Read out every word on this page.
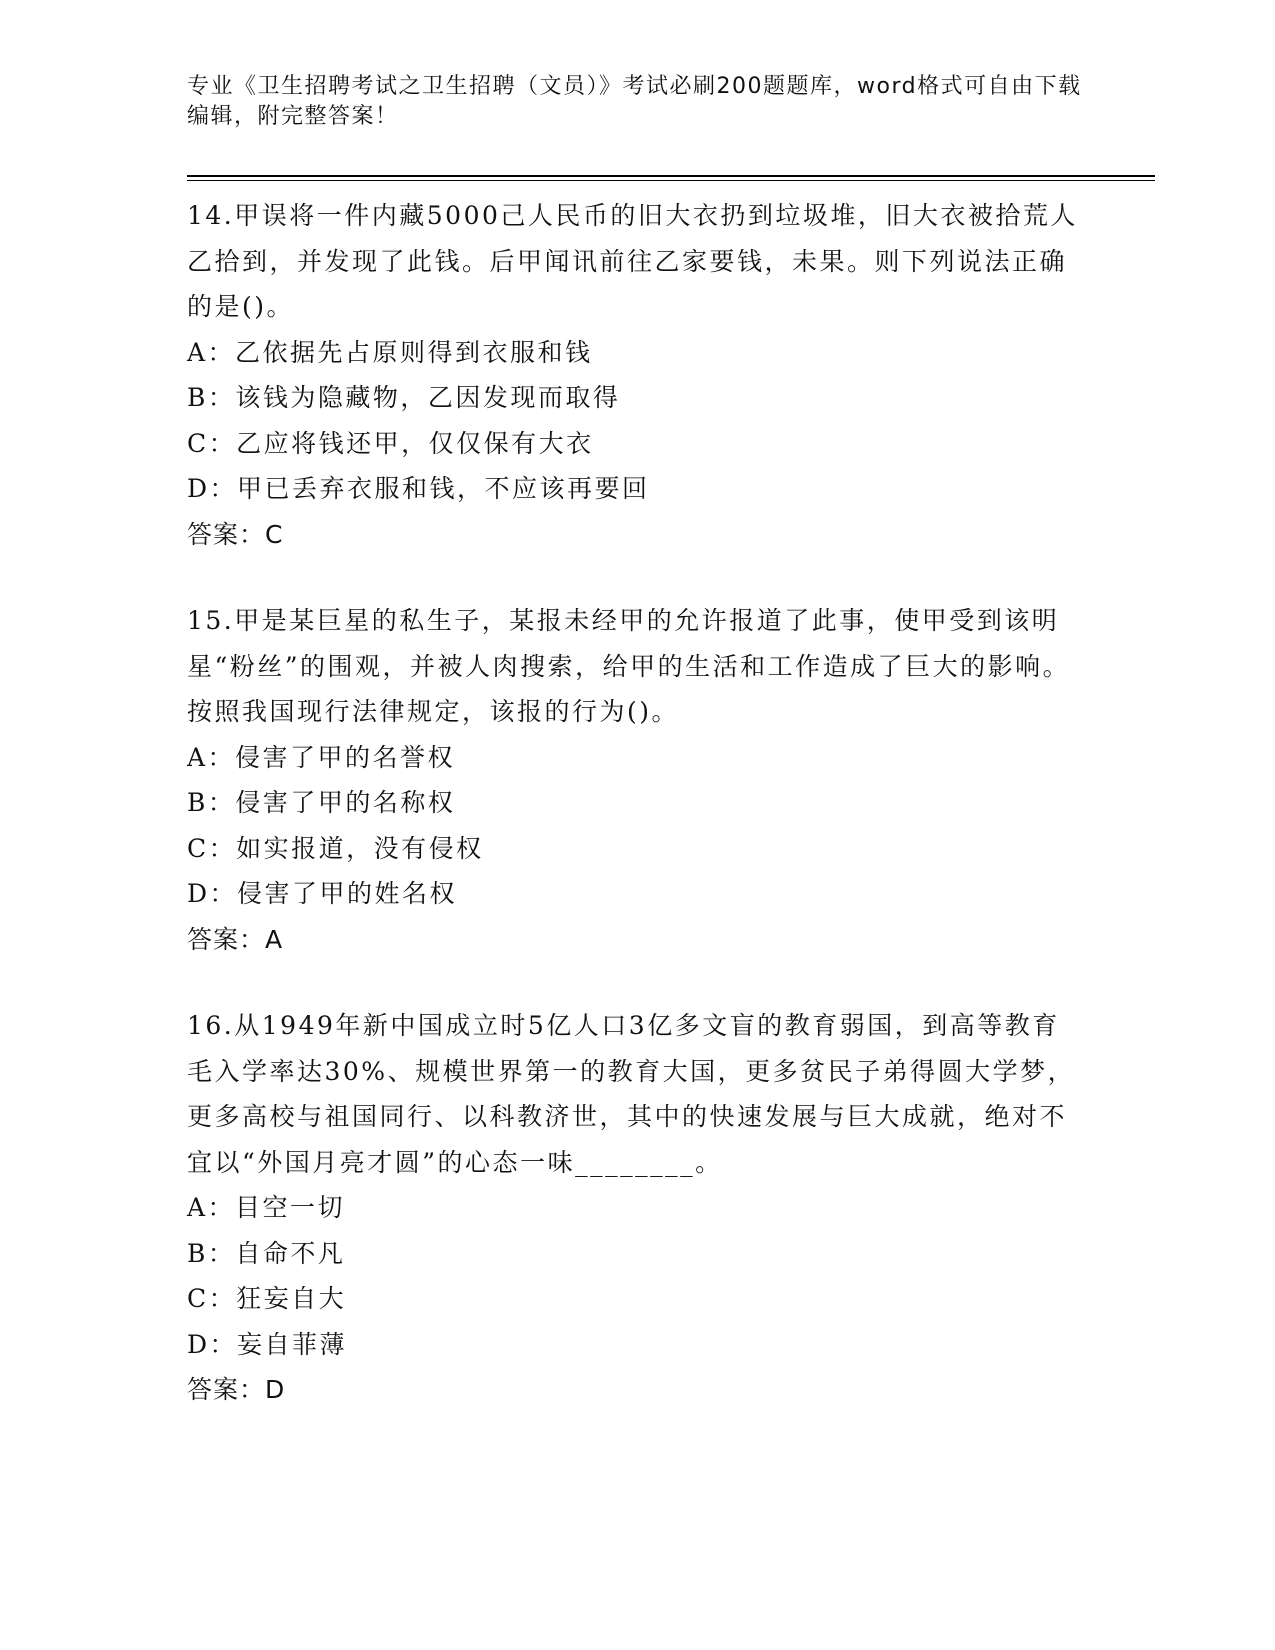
专业《卫生招聘考试之卫生招聘（文员）》考试必刷200题题库，word格式可自由下载编辑，附完整答案！
14.甲误将一件内藏5000己人民币的旧大衣扔到垃圾堆，旧大衣被拾荒人乙拾到，并发现了此钱。后甲闻讯前往乙家要钱，未果。则下列说法正确的是()。
A：乙依据先占原则得到衣服和钱
B：该钱为隐藏物，乙因发现而取得
C：乙应将钱还甲，仅仅保有大衣
D：甲已丢弃衣服和钱，不应该再要回
答案：C
15.甲是某巨星的私生子，某报未经甲的允许报道了此事，使甲受到该明星“粉丝”的围观，并被人肉搜索，给甲的生活和工作造成了巨大的影响。按照我国现行法律规定，该报的行为()。
A：侵害了甲的名誉权
B：侵害了甲的名称权
C：如实报道，没有侵权
D：侵害了甲的姓名权
答案：A
16.从1949年新中国成立时5亿人口3亿多文盲的教育弱国，到高等教育毛入学率达30%、规模世界第一的教育大国，更多贫民子弟得圆大学梦，更多高校与祖国同行、以科教济世，其中的快速发展与巨大成就，绝对不宜以“外国月亮才圆”的心态一味________。
A：目空一切
B：自命不凡
C：狂妄自大
D：妄自菲薄
答案：D
